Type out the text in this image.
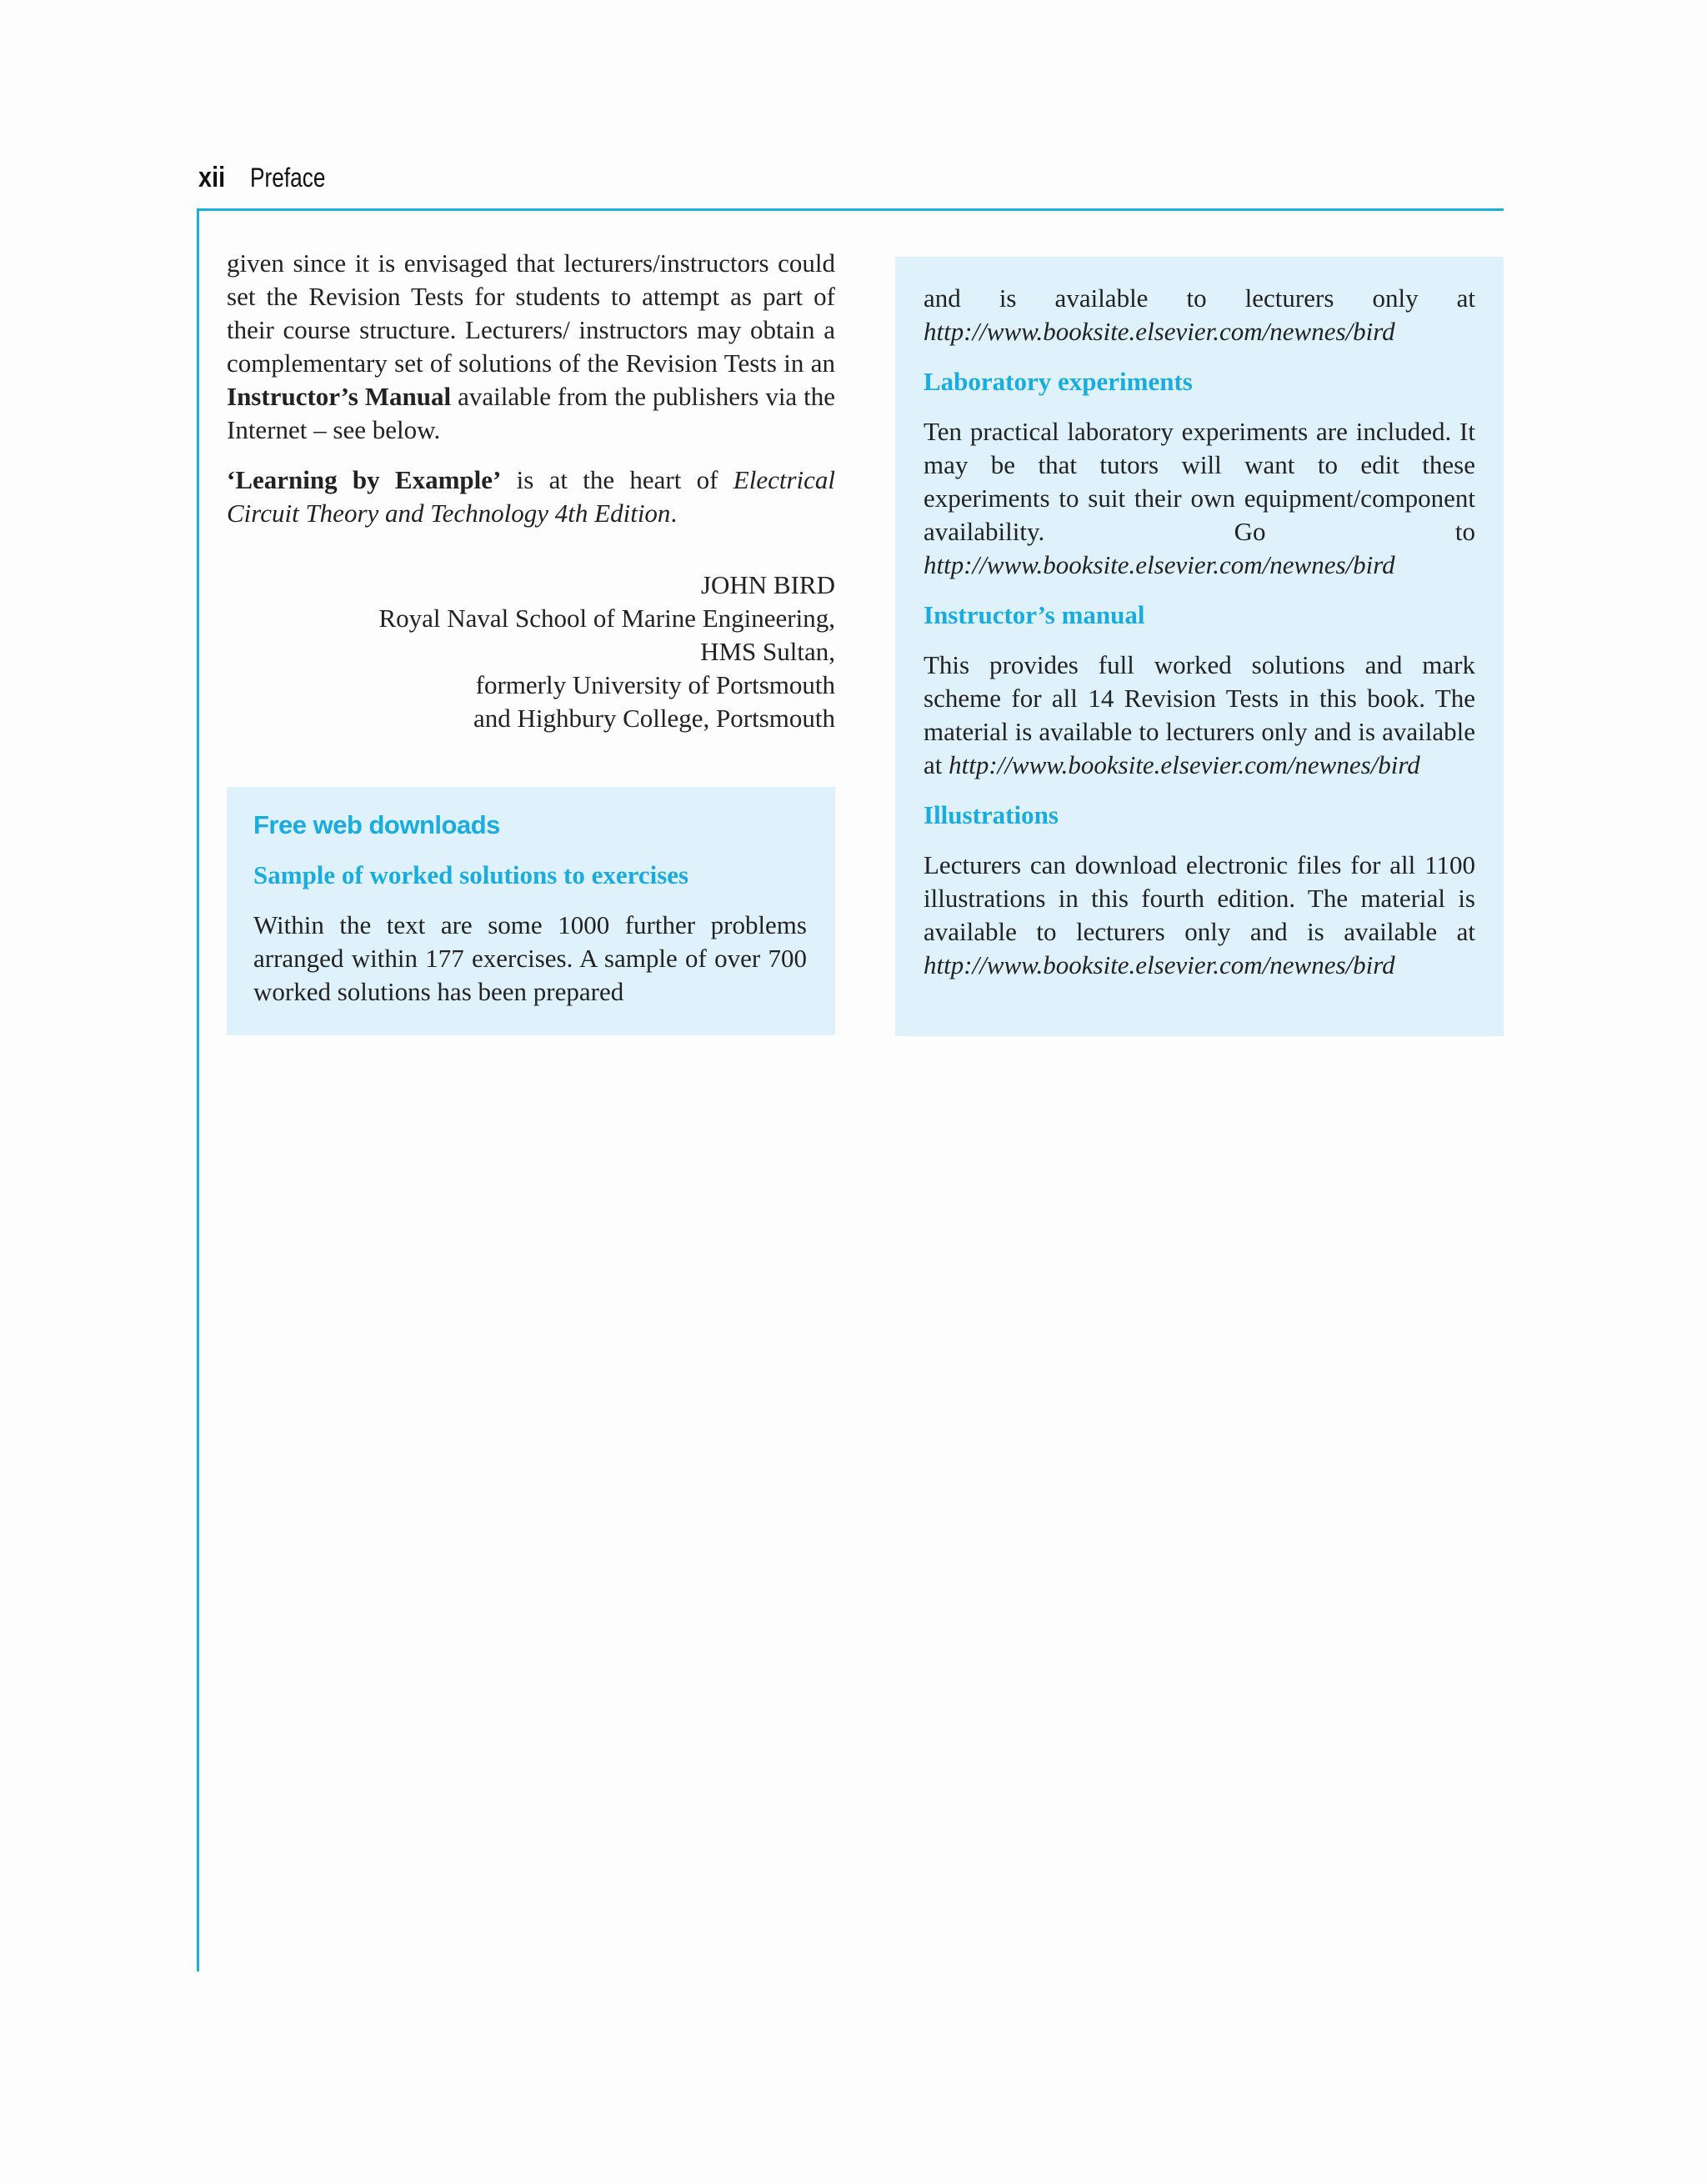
xii Preface

given since it is envisaged that lecturers/instructors could set the Revision Tests for students to attempt as part of their course structure. Lecturers/ instructors may obtain a complementary set of solutions of the Revision Tests in an Instructor’s Manual available from the publishers via the Internet – see below.

‘Learning by Example’ is at the heart of Electrical Circuit Theory and Technology 4th Edition.

JOHN BIRD
Royal Naval School of Marine Engineering,
HMS Sultan,
formerly University of Portsmouth
and Highbury College, Portsmouth
Free web downloads
Sample of worked solutions to exercises

Within the text are some 1000 further problems arranged within 177 exercises. A sample of over 700 worked solutions has been prepared

and is available to lecturers only at http://www.booksite.elsevier.com/newnes/bird

Laboratory experiments

Ten practical laboratory experiments are included. It may be that tutors will want to edit these experiments to suit their own equipment/component availability. Go to http://www.booksite.elsevier.com/newnes/bird

Instructor’s manual

This provides full worked solutions and mark scheme for all 14 Revision Tests in this book. The material is available to lecturers only and is available at http://www.booksite.elsevier.com/newnes/bird

Illustrations

Lecturers can download electronic files for all 1100 illustrations in this fourth edition. The material is available to lecturers only and is available at http://www.booksite.elsevier.com/newnes/bird
